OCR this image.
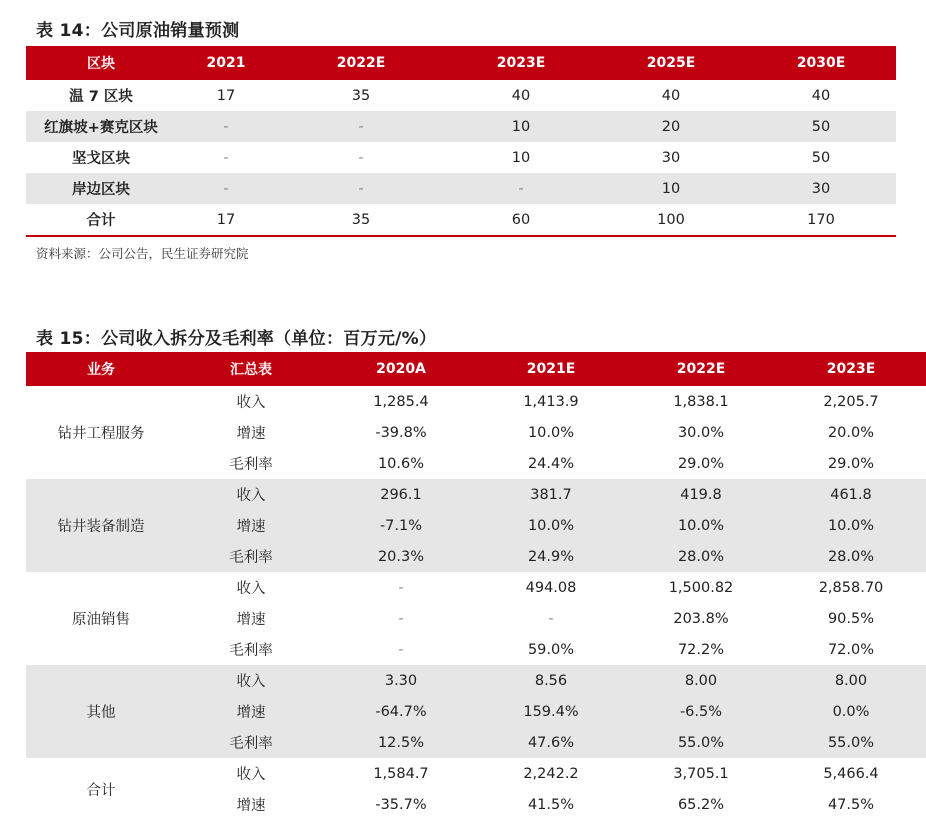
表 14：公司原油销量预测
区块	2021	2022E	2023E	2025E	2030E
温 7 区块	17	35	40	40	40
红旗坡+赛克区块	-	-	10	20	50
坚戈区块	-	-	10	30	50
岸边区块	-	-	-	10	30
合计	17	35	60	100	170
资料来源：公司公告，民生证券研究院
表 15：公司收入拆分及毛利率（单位：百万元/%）
业务	汇总表	2020A	2021E	2022E	2023E
钻井工程服务	收入	1,285.4	1,413.9	1,838.1	2,205.7
	增速	-39.8%	10.0%	30.0%	20.0%
	毛利率	10.6%	24.4%	29.0%	29.0%
钻井装备制造	收入	296.1	381.7	419.8	461.8
	增速	-7.1%	10.0%	10.0%	10.0%
	毛利率	20.3%	24.9%	28.0%	28.0%
原油销售	收入	-	494.08	1,500.82	2,858.70
	增速	-	-	203.8%	90.5%
	毛利率	-	59.0%	72.2%	72.0%
其他	收入	3.30	8.56	8.00	8.00
	增速	-64.7%	159.4%	-6.5%	0.0%
	毛利率	12.5%	47.6%	55.0%	55.0%
合计	收入	1,584.7	2,242.2	3,705.1	5,466.4
	增速	-35.7%	41.5%	65.2%	47.5%
